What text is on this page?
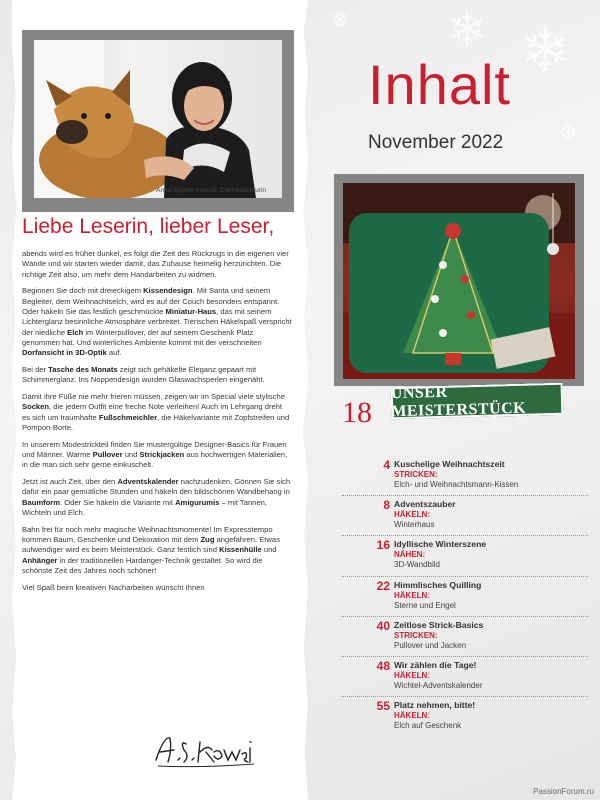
❄ ❄
❅
❆
Anna-Sophie Kowski, Chefredakteurin
Liebe Leserin, lieber Leser,

abends wird es früher dunkel, es folgt die Zeit des Rückzugs in die eigenen vier Wände und wir starten wieder damit, das Zuhause heimelig herzurichten. Die richtige Zeit also, um mehr dem Handarbeiten zu widmen.

Beginnen Sie doch mit dreieckigem Kissendesign. Mit Santa und seinem Begleiter, dem Weihnachtselch, wird es auf der Couch besonders entspannt. Oder häkeln Sie das festlich geschmückte Miniatur-Haus, das mit seinem Lichterglanz besinnliche Atmosphäre verbreitet. Tierischen Häkelspaß verspricht der niedliche Elch im Winterpullover, der auf seinem Geschenk Platz genommen hat. Und winterliches Ambiente kommt mit der verschneiten Dorfansicht in 3D-Optik auf.

Bei der Tasche des Monats zeigt sich gehäkelte Eleganz gepaart mit Schimmerglanz. Ins Noppendesign wurden Glaswachsperlen eingenäht.

Damit ihre Füße nie mehr frieren müssen, zeigen wir im Special viele stylische Socken, die jedem Outfit eine freche Note verleihen! Auch im Lehrgang dreht es sich um traumhafte Fußschmeichler, die Häkelvariante mit Zopfstreifen und Pompon-Borte.

In unserem Modestrickteil finden Sie mustergültige Designer-Basics für Frauen und Männer. Warme Pullover und Strickjacken aus hochwertigen Materialien, in die man sich sehr gerne einkuschelt.

Jetzt ist auch Zeit, über den Adventskalender nachzudenken. Gönnen Sie sich dafür ein paar gemütliche Stunden und häkeln den bildschönen Wandbehang in Baumform. Oder Sie häkeln die Variante mit Amigurumis – mit Tannen, Wichteln und Elch.

Bahn frei für noch mehr magische Weihnachtsmomente! Im Expresstempo kommen Baum, Geschenke und Dekoration mit dem Zug angefahren. Etwas aufwendiger wird es beim Meisterstück. Ganz festlich sind Kissenhülle und Anhänger in der traditionellen Hardanger-Technik gestaltet. So wird die schönste Zeit des Jahres noch schöner!

Viel Spaß beim kreativen Nacharbeiten wünscht Ihnen

Inhalt
November 2022
18
UNSER MEISTERSTÜCK
4 Kuschelige Weihnachtszeit
STRICKEN:
Elch- und Weihnachtsmann-Kissen
8 Adventszauber
HÄKELN:
Winterhaus
16 Idyllische Winterszene
NÄHEN:
3D-Wandbild
22 Himmlisches Quilling
HÄKELN:
Sterne und Engel
40 Zeitlose Strick-Basics
STRICKEN:
Pullover und Jacken
48 Wir zählen die Tage!
HÄKELN:
Wichtel-Adventskalender
55 Platz nehmen, bitte!
HÄKELN:
Elch auf Geschenk
PassionForum.ru
